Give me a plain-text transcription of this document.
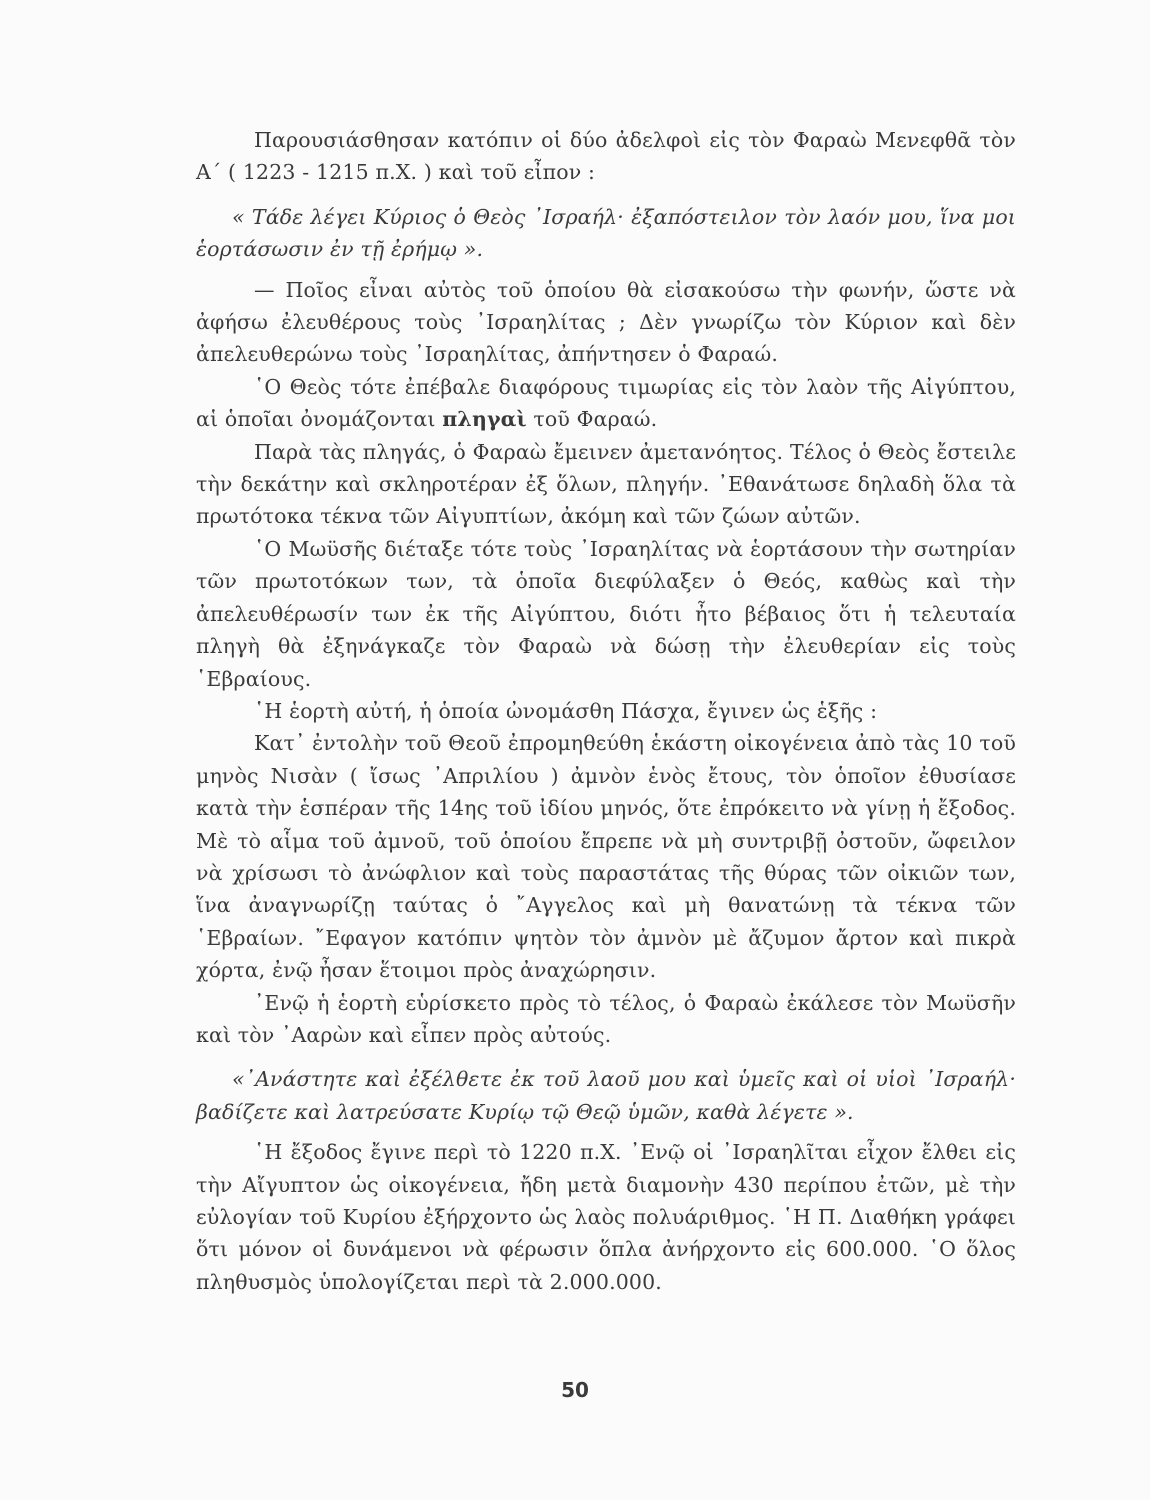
Παρουσιάσθησαν κατόπιν οἱ δύο ἀδελφοὶ εἰς τὸν Φαραὼ Μενεφθᾶ τὸν Α΄ ( 1223 - 1215 π.Χ. ) καὶ τοῦ εἶπον :

« Τάδε λέγει Κύριος ὁ Θεὸς ᾿Ισραήλ· ἐξαπόστειλον τὸν λαόν μου, ἵνα μοι ἑορτάσωσιν ἐν τῇ ἐρήμῳ ».

— Ποῖος εἶναι αὐτὸς τοῦ ὁποίου θὰ εἰσακούσω τὴν φωνήν, ὥστε νὰ ἀφήσω ἐλευθέρους τοὺς ᾿Ισραηλίτας ; Δὲν γνωρίζω τὸν Κύριον καὶ δὲν ἀπελευθερώνω τοὺς ᾿Ισραηλίτας, ἀπήντησεν ὁ Φαραώ.

῾Ο Θεὸς τότε ἐπέβαλε διαφόρους τιμωρίας εἰς τὸν λαὸν τῆς Αἰγύπτου, αἱ ὁποῖαι ὀνομάζονται πληγαὶ τοῦ Φαραώ.

Παρὰ τὰς πληγάς, ὁ Φαραὼ ἔμεινεν ἀμετανόητος. Τέλος ὁ Θεὸς ἔστειλε τὴν δεκάτην καὶ σκληροτέραν ἐξ ὅλων, πληγήν. ᾿Εθανάτωσε δηλαδὴ ὅλα τὰ πρωτότοκα τέκνα τῶν Αἰγυπτίων, ἀκόμη καὶ τῶν ζώων αὐτῶν.

῾Ο Μωϋσῆς διέταξε τότε τοὺς ᾿Ισραηλίτας νὰ ἑορτάσουν τὴν σωτηρίαν τῶν πρωτοτόκων των, τὰ ὁποῖα διεφύλαξεν ὁ Θεός, καθὼς καὶ τὴν ἀπελευθέρωσίν των ἐκ τῆς Αἰγύπτου, διότι ἦτο βέβαιος ὅτι ἡ τελευταία πληγὴ θὰ ἐξηνάγκαζε τὸν Φαραὼ νὰ δώσῃ τὴν ἐλευθερίαν εἰς τοὺς ῾Εβραίους.

῾Η ἑορτὴ αὐτή, ἡ ὁποία ὠνομάσθη Πάσχα, ἔγινεν ὡς ἑξῆς :

Κατ᾿ ἐντολὴν τοῦ Θεοῦ ἐπρομηθεύθη ἑκάστη οἰκογένεια ἀπὸ τὰς 10 τοῦ μηνὸς Νισὰν ( ἴσως ᾿Απριλίου ) ἀμνὸν ἑνὸς ἔτους, τὸν ὁποῖον ἐθυσίασε κατὰ τὴν ἑσπέραν τῆς 14ης τοῦ ἰδίου μηνός, ὅτε ἐπρόκειτο νὰ γίνῃ ἡ ἔξοδος. Μὲ τὸ αἷμα τοῦ ἀμνοῦ, τοῦ ὁποίου ἔπρεπε νὰ μὴ συντριβῇ ὀστοῦν, ὤφειλον νὰ χρίσωσι τὸ ἀνώφλιον καὶ τοὺς παραστάτας τῆς θύρας τῶν οἰκιῶν των, ἵνα ἀναγνωρίζῃ ταύτας ὁ ῎Αγγελος καὶ μὴ θανατώνῃ τὰ τέκνα τῶν ῾Εβραίων. ῎Εφαγον κατόπιν ψητὸν τὸν ἀμνὸν μὲ ἄζυμον ἄρτον καὶ πικρὰ χόρτα, ἐνῷ ἦσαν ἕτοιμοι πρὸς ἀναχώρησιν.

᾿Ενῷ ἡ ἑορτὴ εὑρίσκετο πρὸς τὸ τέλος, ὁ Φαραὼ ἐκάλεσε τὸν Μωϋσῆν καὶ τὸν ᾿Ααρὼν καὶ εἶπεν πρὸς αὐτούς.

«᾿Ανάστητε καὶ ἐξέλθετε ἐκ τοῦ λαοῦ μου καὶ ὑμεῖς καὶ οἱ υἱοὶ ᾿Ισραήλ· βαδίζετε καὶ λατρεύσατε Κυρίῳ τῷ Θεῷ ὑμῶν, καθὰ λέγετε ».

῾Η ἔξοδος ἔγινε περὶ τὸ 1220 π.Χ. ᾿Ενῷ οἱ ᾿Ισραηλῖται εἶχον ἔλθει εἰς τὴν Αἴγυπτον ὡς οἰκογένεια, ἤδη μετὰ διαμονὴν 430 περίπου ἐτῶν, μὲ τὴν εὐλογίαν τοῦ Κυρίου ἐξήρχοντο ὡς λαὸς πολυάριθμος. ῾Η Π. Διαθήκη γράφει ὅτι μόνον οἱ δυνάμενοι νὰ φέρωσιν ὅπλα ἀνήρχοντο εἰς 600.000. ῾Ο ὅλος πληθυσμὸς ὑπολογίζεται περὶ τὰ 2.000.000.

50
